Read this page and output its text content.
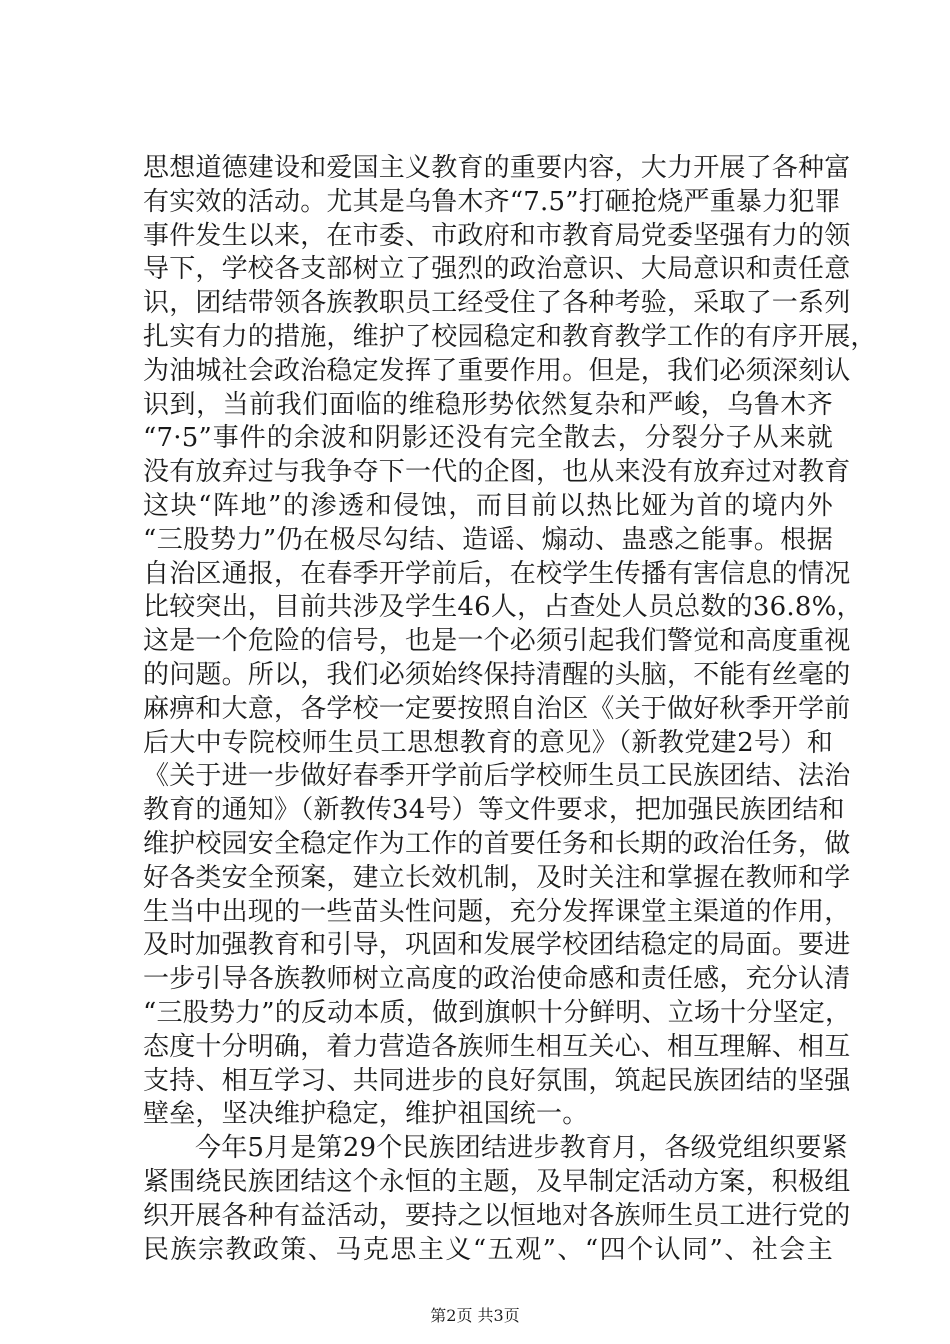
思想道德建设和爱国主义教育的重要内容，大力开展了各种富
有实效的活动。尤其是乌鲁木齐“7.5”打砸抢烧严重暴力犯罪
事件发生以来，在市委、市政府和市教育局党委坚强有力的领
导下，学校各支部树立了强烈的政治意识、大局意识和责任意
识，团结带领各族教职员工经受住了各种考验，采取了一系列
扎实有力的措施，维护了校园稳定和教育教学工作的有序开展，
为油城社会政治稳定发挥了重要作用。但是，我们必须深刻认
识到，当前我们面临的维稳形势依然复杂和严峻，乌鲁木齐
“7·5”事件的余波和阴影还没有完全散去，分裂分子从来就
没有放弃过与我争夺下一代的企图，也从来没有放弃过对教育
这块“阵地”的渗透和侵蚀，而目前以热比娅为首的境内外
“三股势力”仍在极尽勾结、造谣、煽动、蛊惑之能事。根据
自治区通报，在春季开学前后，在校学生传播有害信息的情况
比较突出，目前共涉及学生46人，占查处人员总数的36.8%，
这是一个危险的信号，也是一个必须引起我们警觉和高度重视
的问题。所以，我们必须始终保持清醒的头脑，不能有丝毫的
麻痹和大意，各学校一定要按照自治区《关于做好秋季开学前
后大中专院校师生员工思想教育的意见》（新教党建2号）和
《关于进一步做好春季开学前后学校师生员工民族团结、法治
教育的通知》（新教传34号）等文件要求，把加强民族团结和
维护校园安全稳定作为工作的首要任务和长期的政治任务，做
好各类安全预案，建立长效机制，及时关注和掌握在教师和学
生当中出现的一些苗头性问题，充分发挥课堂主渠道的作用，
及时加强教育和引导，巩固和发展学校团结稳定的局面。要进
一步引导各族教师树立高度的政治使命感和责任感，充分认清
“三股势力”的反动本质，做到旗帜十分鲜明、立场十分坚定，
态度十分明确，着力营造各族师生相互关心、相互理解、相互
支持、相互学习、共同进步的良好氛围，筑起民族团结的坚强
壁垒，坚决维护稳定，维护祖国统一。
今年5月是第29个民族团结进步教育月，各级党组织要紧
紧围绕民族团结这个永恒的主题，及早制定活动方案，积极组
织开展各种有益活动，要持之以恒地对各族师生员工进行党的
民族宗教政策、马克思主义“五观”、“四个认同”、社会主
第2页 共3页
